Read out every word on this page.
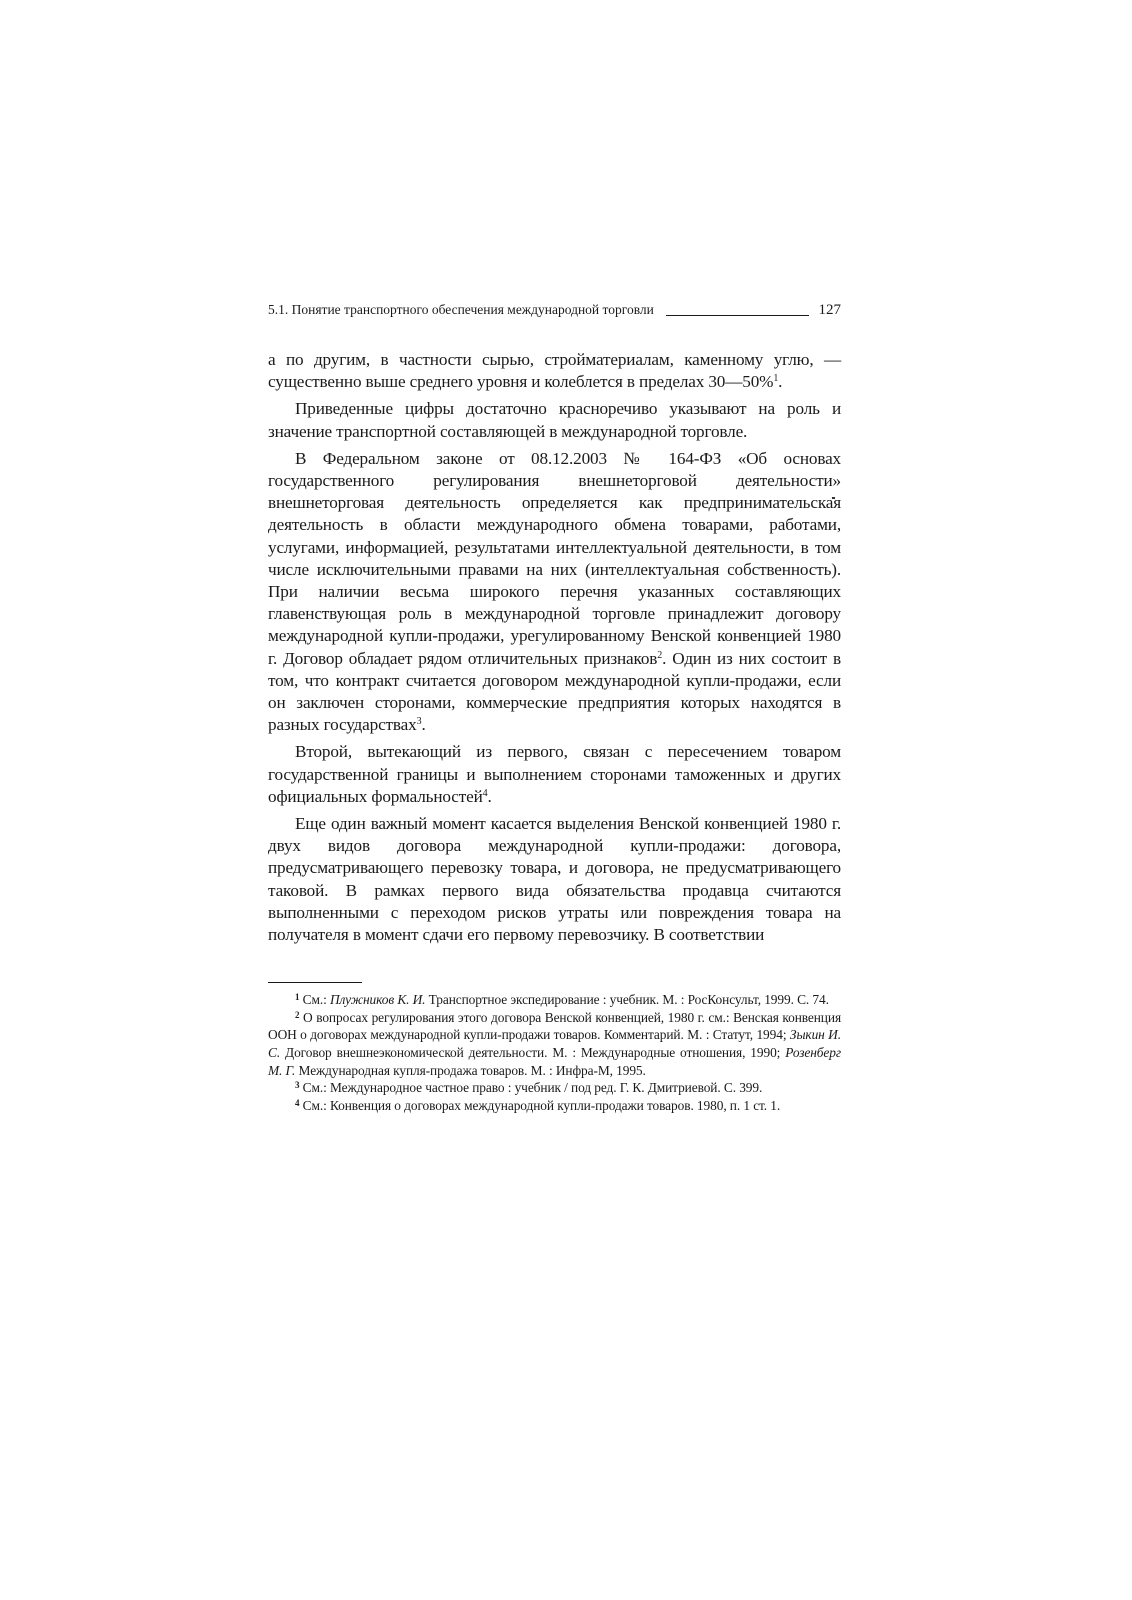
5.1. Понятие транспортного обеспечения международной торговли	127

а по другим, в частности сырью, стройматериалам, каменному углю, — существенно выше среднего уровня и колеблется в пределах 30—50%$^1$.

Приведенные цифры достаточно красноречиво указывают на роль и значение транспортной составляющей в международной торговле.

В Федеральном законе от 08.12.2003 № 164-ФЗ «Об основах государственного регулирования внешнеторговой деятельности» внешнеторговая деятельность определяется как предпринимательская деятельность в области международного обмена товарами, работами, услугами, информацией, результатами интеллектуальной деятельности, в том числе исключительными правами на них (интеллектуальная собственность). При наличии весьма широкого перечня указанных составляющих главенствующая роль в международной торговле принадлежит договору международной купли-продажи, урегулированному Венской конвенцией 1980 г. Договор обладает рядом отличительных признаков$^2$. Один из них состоит в том, что контракт считается договором международной купли-продажи, если он заключен сторонами, коммерческие предприятия которых находятся в разных государствах$^3$.

Второй, вытекающий из первого, связан с пересечением товаром государственной границы и выполнением сторонами таможенных и других официальных формальностей$^4$.

Еще один важный момент касается выделения Венской конвенцией 1980 г. двух видов договора международной купли-продажи: договора, предусматривающего перевозку товара, и договора, не предусматривающего таковой. В рамках первого вида обязательства продавца считаются выполненными с переходом рисков утраты или повреждения товара на получателя в момент сдачи его первому перевозчику. В соответствии

$^1$ См.: Плужников К. И. Транспортное экспедирование : учебник. М. : РосКонсульт, 1999. С. 74.

$^2$ О вопросах регулирования этого договора Венской конвенцией, 1980 г. см.: Венская конвенция ООН о договорах международной купли-продажи товаров. Комментарий. М. : Статут, 1994; Зыкин И. С. Договор внешнеэкономической деятельности. М. : Международные отношения, 1990; Розенберг М. Г. Международная купля-продажа товаров. М. : Инфра-М, 1995.

$^3$ См.: Международное частное право : учебник / под ред. Г. К. Дмитриевой. С. 399.

$^4$ См.: Конвенция о договорах международной купли-продажи товаров. 1980, п. 1 ст. 1.
